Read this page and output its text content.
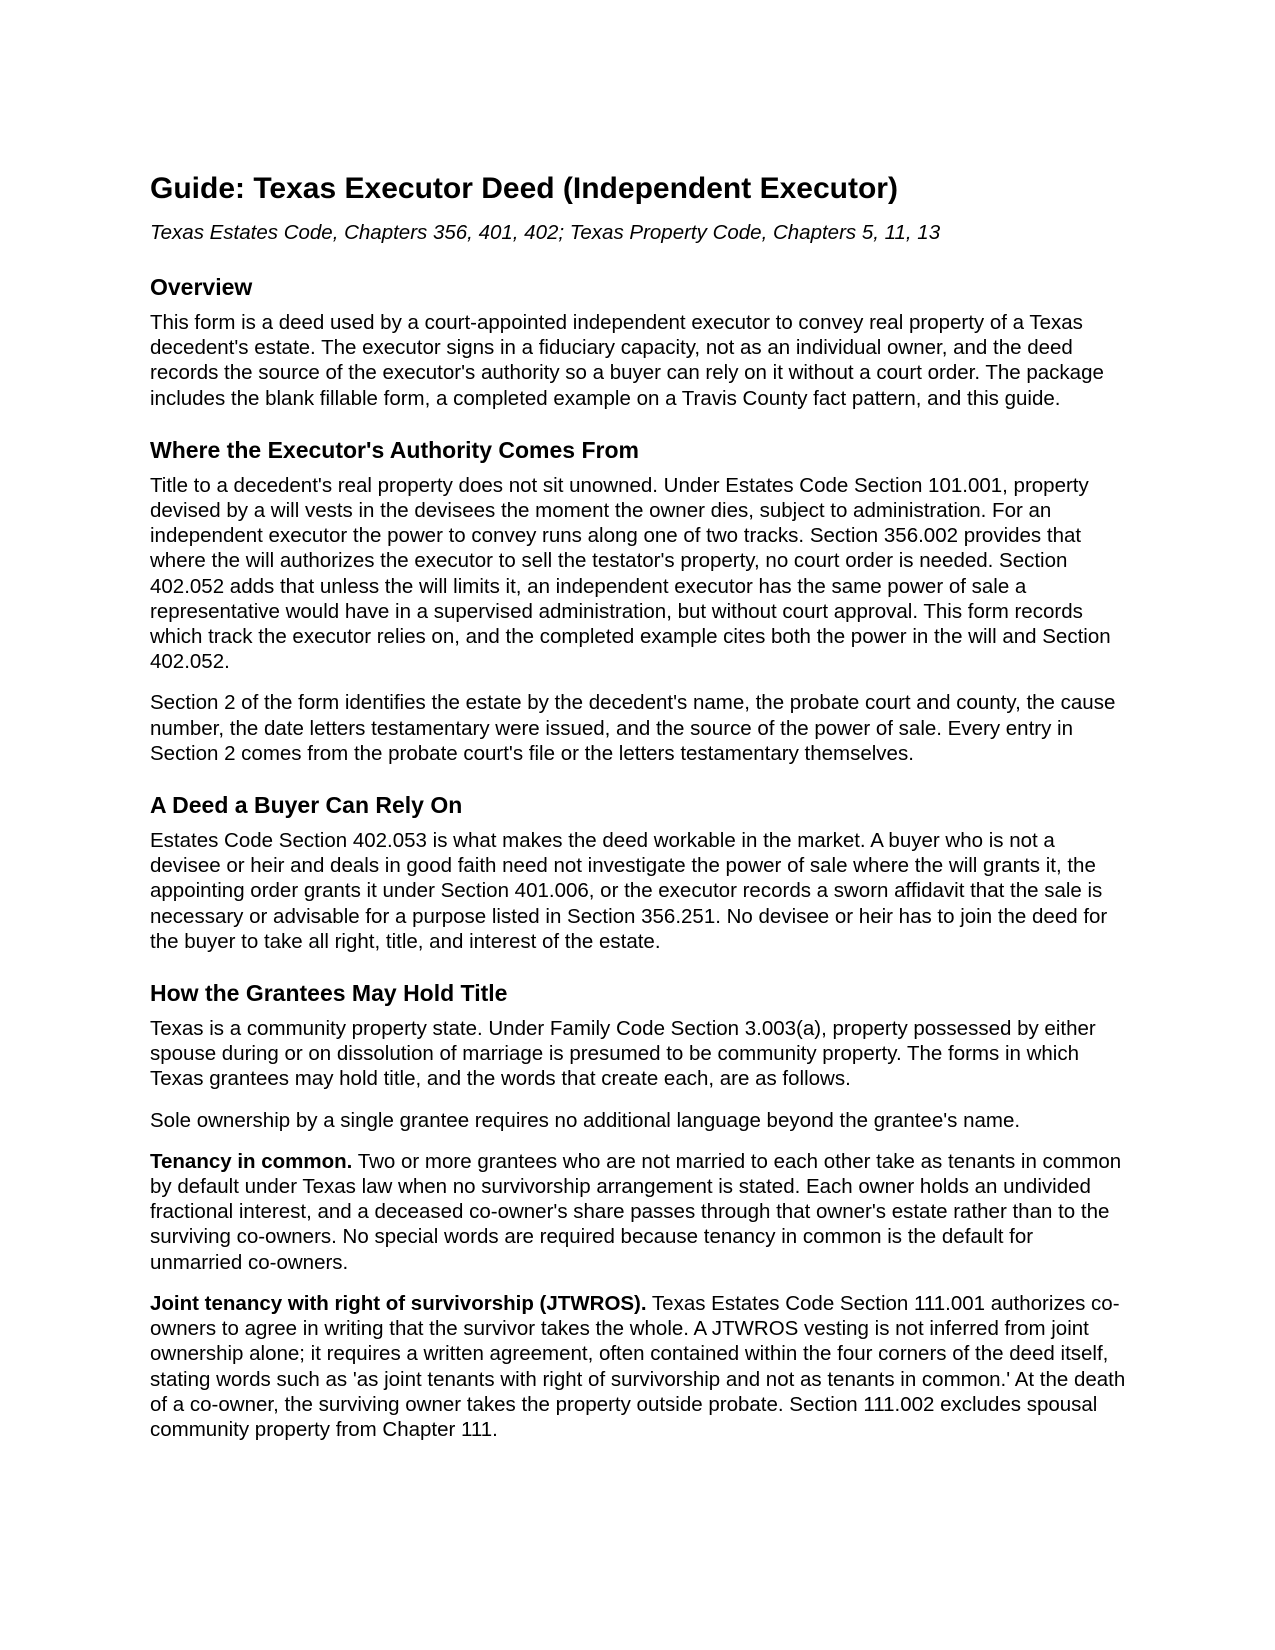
Guide: Texas Executor Deed (Independent Executor)
Texas Estates Code, Chapters 356, 401, 402; Texas Property Code, Chapters 5, 11, 13
Overview

This form is a deed used by a court-appointed independent executor to convey real property of a Texas decedent's estate. The executor signs in a fiduciary capacity, not as an individual owner, and the deed records the source of the executor's authority so a buyer can rely on it without a court order. The package includes the blank fillable form, a completed example on a Travis County fact pattern, and this guide.

Where the Executor's Authority Comes From

Title to a decedent's real property does not sit unowned. Under Estates Code Section 101.001, property devised by a will vests in the devisees the moment the owner dies, subject to administration. For an independent executor the power to convey runs along one of two tracks. Section 356.002 provides that where the will authorizes the executor to sell the testator's property, no court order is needed. Section 402.052 adds that unless the will limits it, an independent executor has the same power of sale a representative would have in a supervised administration, but without court approval. This form records which track the executor relies on, and the completed example cites both the power in the will and Section 402.052.

Section 2 of the form identifies the estate by the decedent's name, the probate court and county, the cause number, the date letters testamentary were issued, and the source of the power of sale. Every entry in Section 2 comes from the probate court's file or the letters testamentary themselves.

A Deed a Buyer Can Rely On

Estates Code Section 402.053 is what makes the deed workable in the market. A buyer who is not a devisee or heir and deals in good faith need not investigate the power of sale where the will grants it, the appointing order grants it under Section 401.006, or the executor records a sworn affidavit that the sale is necessary or advisable for a purpose listed in Section 356.251. No devisee or heir has to join the deed for the buyer to take all right, title, and interest of the estate.

How the Grantees May Hold Title

Texas is a community property state. Under Family Code Section 3.003(a), property possessed by either spouse during or on dissolution of marriage is presumed to be community property. The forms in which Texas grantees may hold title, and the words that create each, are as follows.

Sole ownership by a single grantee requires no additional language beyond the grantee's name.

Tenancy in common. Two or more grantees who are not married to each other take as tenants in common by default under Texas law when no survivorship arrangement is stated. Each owner holds an undivided fractional interest, and a deceased co-owner's share passes through that owner's estate rather than to the surviving co-owners. No special words are required because tenancy in common is the default for unmarried co-owners.

Joint tenancy with right of survivorship (JTWROS). Texas Estates Code Section 111.001 authorizes co-owners to agree in writing that the survivor takes the whole. A JTWROS vesting is not inferred from joint ownership alone; it requires a written agreement, often contained within the four corners of the deed itself, stating words such as 'as joint tenants with right of survivorship and not as tenants in common.' At the death of a co-owner, the surviving owner takes the property outside probate. Section 111.002 excludes spousal community property from Chapter 111.
